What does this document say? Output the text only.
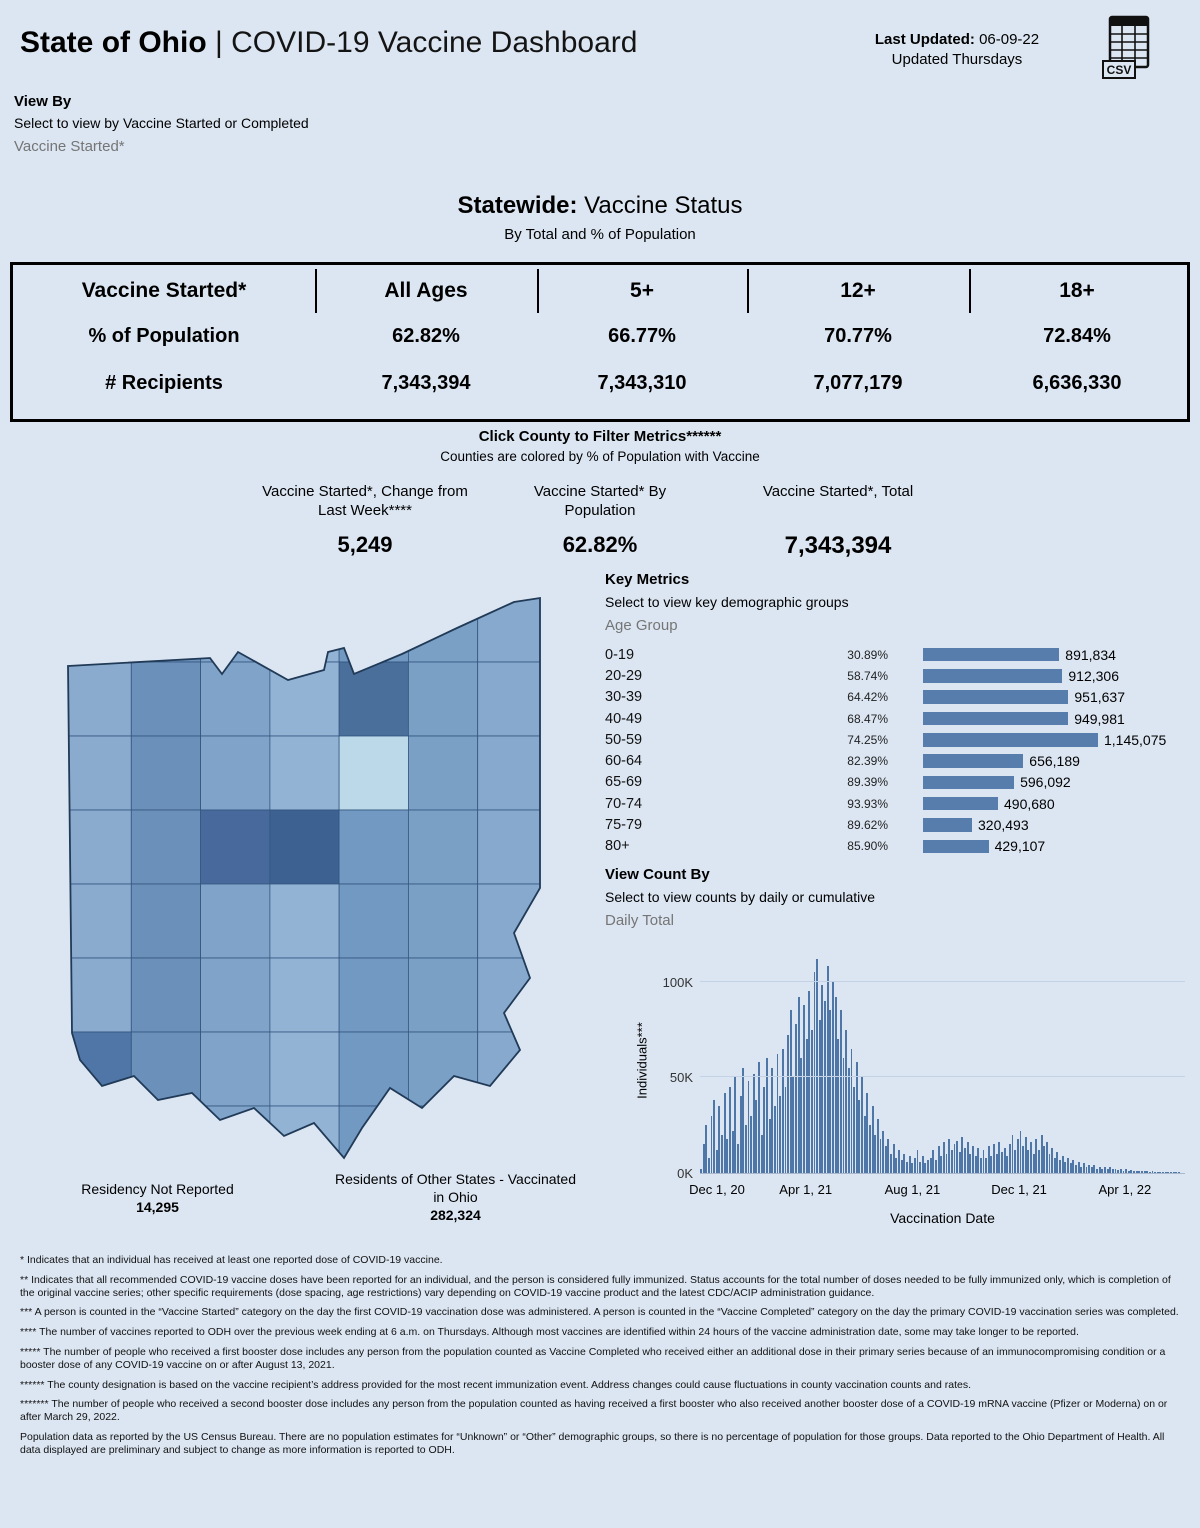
State of Ohio | COVID-19 Vaccine Dashboard	Last Updated: 06-09-22
Updated Thursdays
CSV
View By
Select to view by Vaccine Started or Completed
Vaccine Started*
Statewide: Vaccine Status
By Total and % of Population
Vaccine Started*	All Ages	5+	12+	18+
% of Population	62.82%	66.77%	70.77%	72.84%
# Recipients	7,343,394	7,343,310	7,077,179	6,636,330
Click County to Filter Metrics******
Counties are colored by % of Population with Vaccine
Vaccine Started*, Change from Last Week****
5,249
Vaccine Started* By Population
62.82%
Vaccine Started*, Total
7,343,394
Residency Not Reported
14,295
Residents of Other States - Vaccinated in Ohio
282,324
Key Metrics
Select to view key demographic groups
Age Group
0-19	30.89%	891,834
20-29	58.74%	912,306
30-39	64.42%	951,637
40-49	68.47%	949,981
50-59	74.25%	1,145,075
60-64	82.39%	656,189
65-69	89.39%	596,092
70-74	93.93%	490,680
75-79	89.62%	320,493
80+	85.90%	429,107
View Count By
Select to view counts by daily or cumulative
Daily Total
Individuals***
0K
50K
100K
Dec 1, 20	Apr 1, 21	Aug 1, 21	Dec 1, 21	Apr 1, 22
Vaccination Date

* Indicates that an individual has received at least one reported dose of COVID-19 vaccine.

** Indicates that all recommended COVID-19 vaccine doses have been reported for an individual, and the person is considered fully immunized. Status accounts for the total number of doses needed to be fully immunized only, which is completion of the original vaccine series; other specific requirements (dose spacing, age restrictions) vary depending on COVID-19 vaccine product and the latest CDC/ACIP administration guidance.

*** A person is counted in the “Vaccine Started” category on the day the first COVID-19 vaccination dose was administered. A person is counted in the “Vaccine Completed” category on the day the primary COVID-19 vaccination series was completed.

**** The number of vaccines reported to ODH over the previous week ending at 6 a.m. on Thursdays. Although most vaccines are identified within 24 hours of the vaccine administration date, some may take longer to be reported.

***** The number of people who received a first booster dose includes any person from the population counted as Vaccine Completed who received either an additional dose in their primary series because of an immunocompromising condition or a booster dose of any COVID-19 vaccine on or after August 13, 2021.

****** The county designation is based on the vaccine recipient’s address provided for the most recent immunization event. Address changes could cause fluctuations in county vaccination counts and rates.

******* The number of people who received a second booster dose includes any person from the population counted as having received a first booster who also received another booster dose of a COVID-19 mRNA vaccine (Pfizer or Moderna) on or after March 29, 2022.

Population data as reported by the US Census Bureau. There are no population estimates for “Unknown” or “Other” demographic groups, so there is no percentage of population for those groups. Data reported to the Ohio Department of Health. All data displayed are preliminary and subject to change as more information is reported to ODH.
